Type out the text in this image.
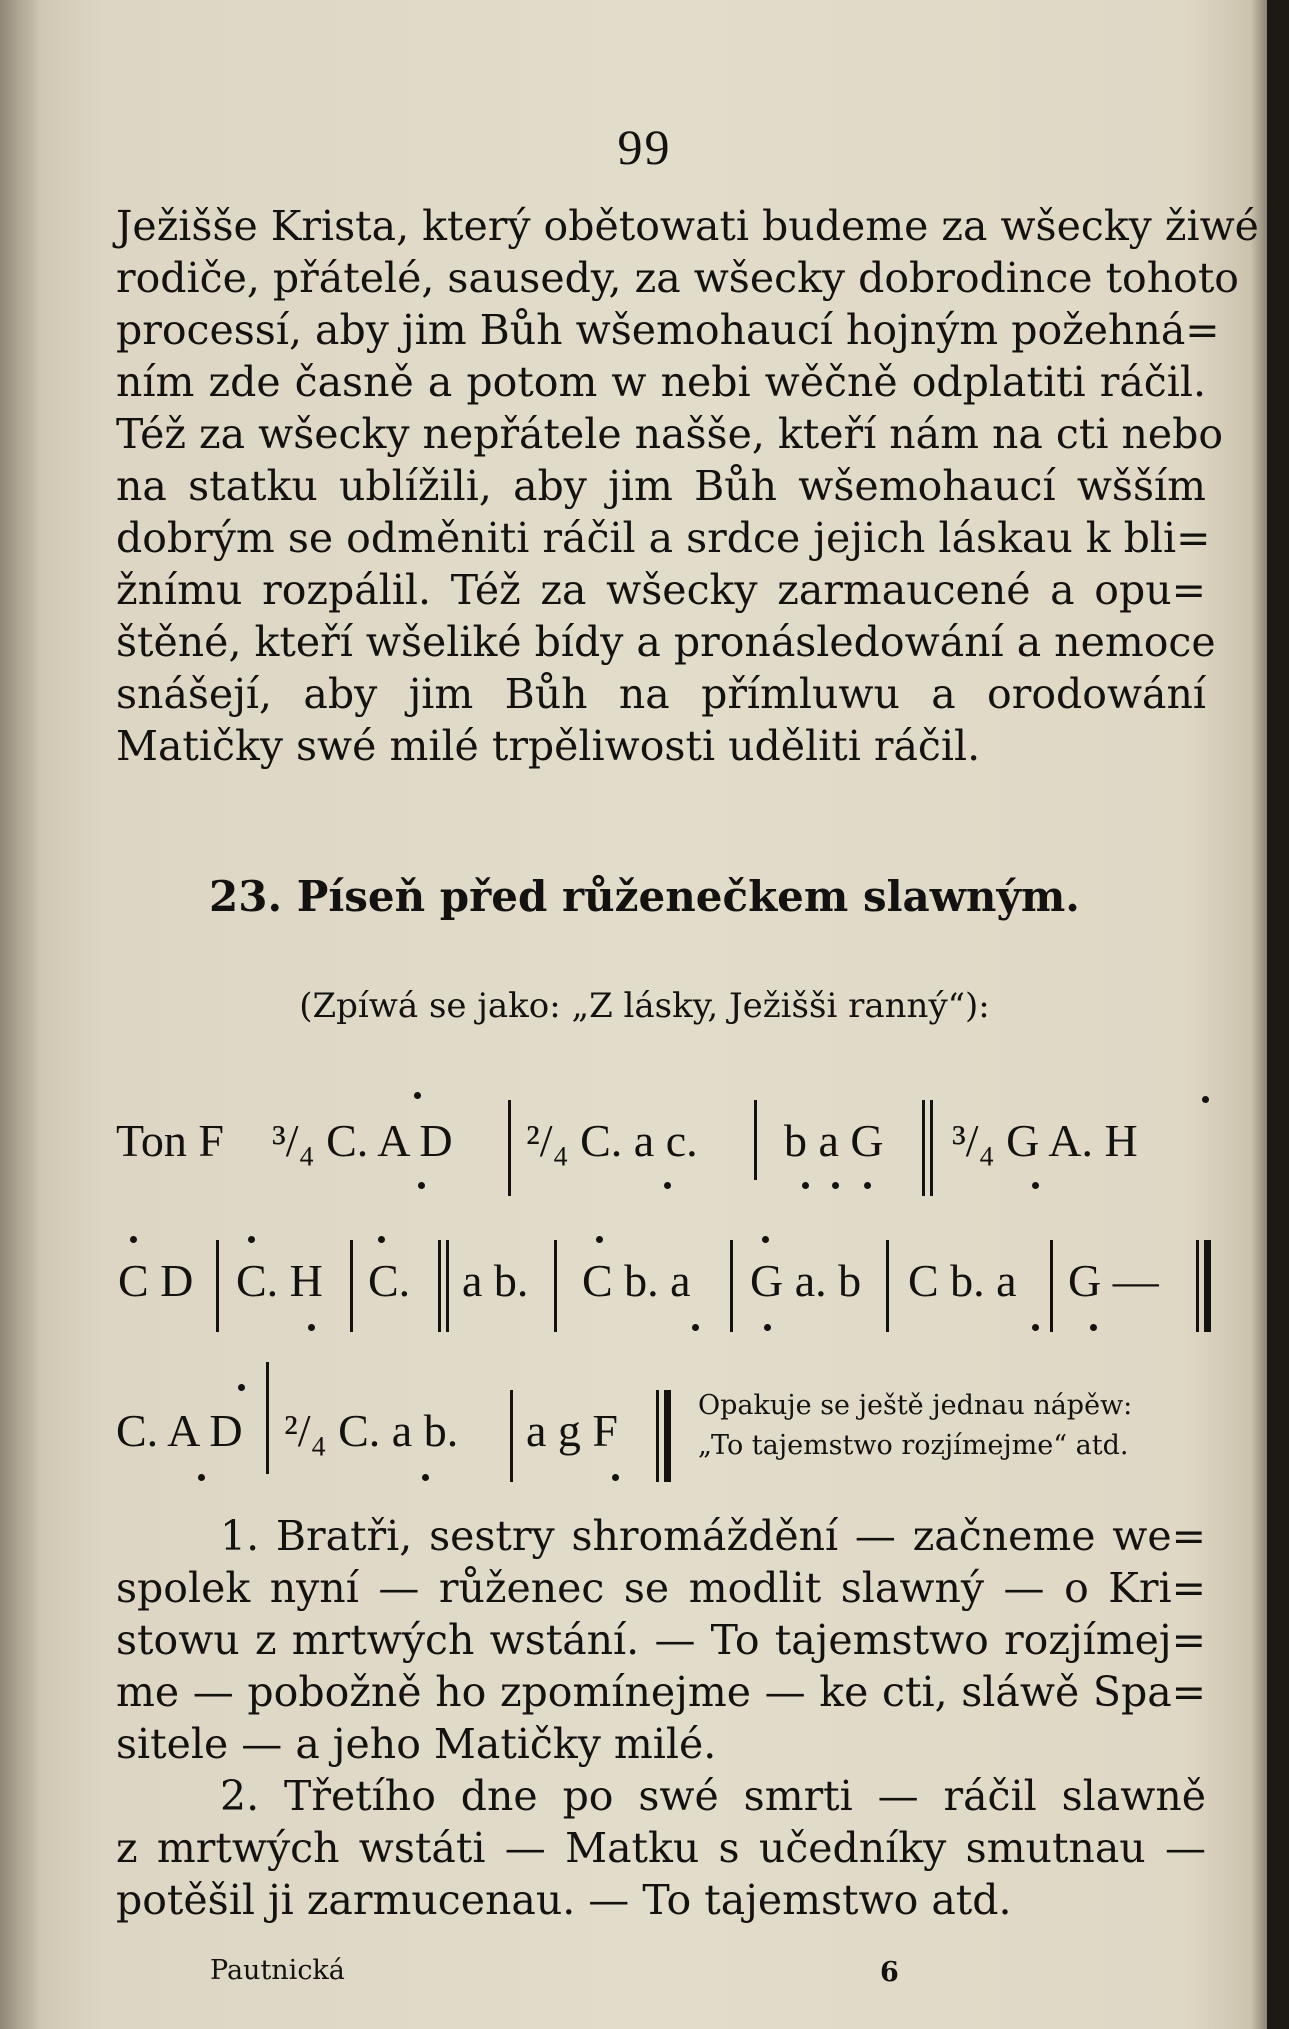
99
Ježišše Krista, který obětowati budeme za wšecky žiwé
rodiče, přátelé, sausedy, za wšecky dobrodince tohoto
processí, aby jim Bůh wšemohaucí hojným požehná=
ním zde časně a potom w nebi wěčně odplatiti ráčil.
Též za wšecky nepřátele našše, kteří nám na cti nebo
na statku ublížili, aby jim Bůh wšemohaucí wšším
dobrým se odměniti ráčil a srdce jejich láskau k bli=
žnímu rozpálil. Též za wšecky zarmaucené a opu=
štěné, kteří wšeliké bídy a pronásledowání a nemoce
snášejí, aby jim Bůh na přímluwu a orodowání
Matičky swé milé trpěliwosti uděliti ráčil.
23. Píseň před růženečkem slawným.
(Zpíwá se jako: „Z lásky, Ježišši ranný“):
Ton F ³/₄ C. A D ²/₄ C. a c. b a G ³/₄ G A. H
C D C. H C. a b. C b. a G a. b C b. a G —
C. A D ²/₄ C. a b. a g F	Opakuje se ještě jednau nápěw:
„To tajemstwo rozjímejme“ atd.
1. Bratři, sestry shromáždění — začneme we=
spolek nyní — růženec se modlit slawný — o Kri=
stowu z mrtwých wstání. — To tajemstwo rozjímej=
me — pobožně ho zpomínejme — ke cti, sláwě Spa=
sitele — a jeho Matičky milé.
2. Třetího dne po swé smrti — ráčil slawně
z mrtwých wstáti — Matku s učedníky smutnau —
potěšil ji zarmucenau. — To tajemstwo atd.
Pautnická	6
